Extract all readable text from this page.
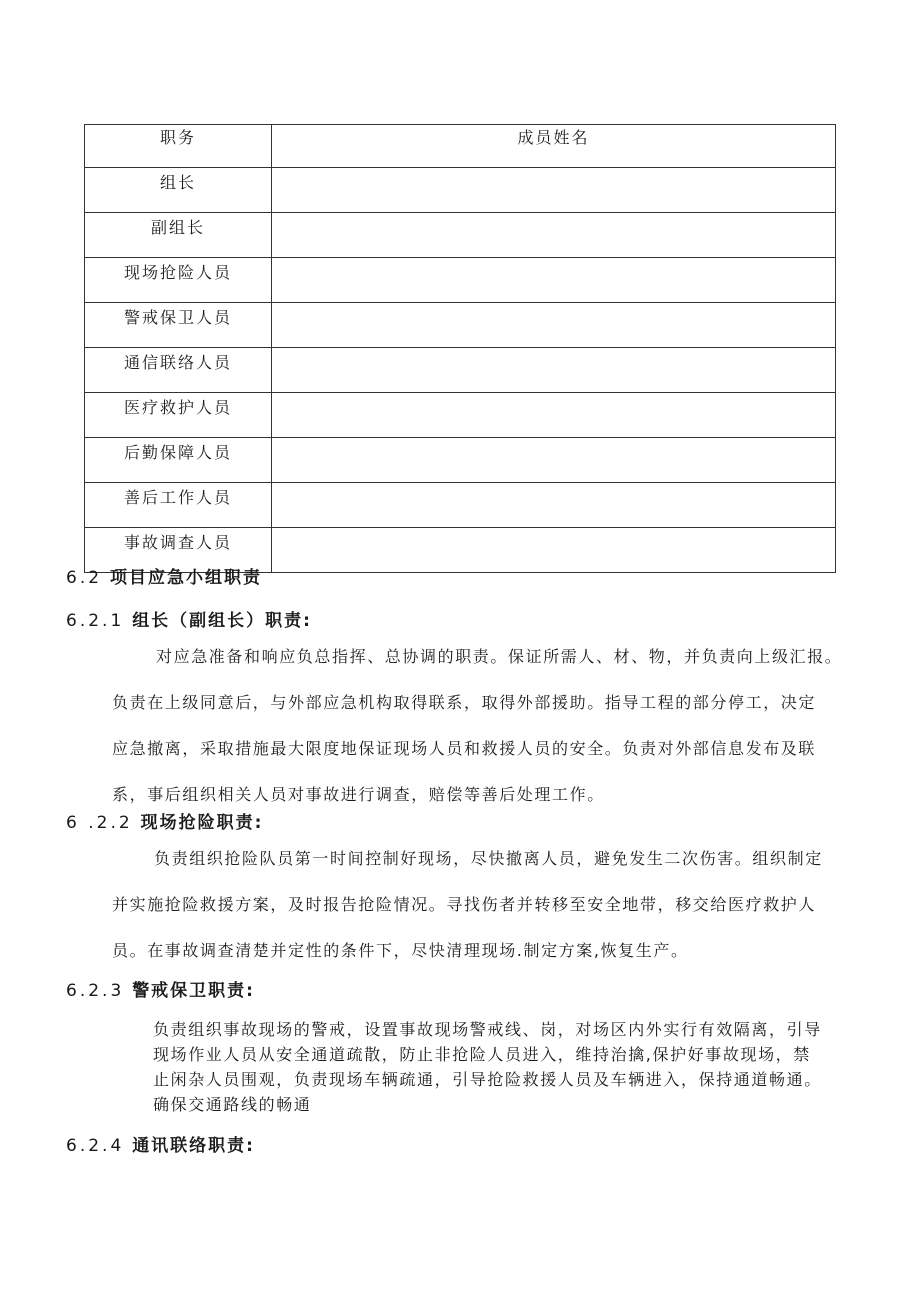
职务	成员姓名
组长	
副组长	
现场抢险人员	
警戒保卫人员	
通信联络人员	
医疗救护人员	
后勤保障人员	
善后工作人员	
事故调查人员	
6.2 项目应急小组职责
6.2.1 组长（副组长）职责:
对应急准备和响应负总指挥、总协调的职责。保证所需人、材、物，并负责向上级汇报。
负责在上级同意后，与外部应急机构取得联系，取得外部援助。指导工程的部分停工，决定
应急撤离，采取措施最大限度地保证现场人员和救援人员的安全。负责对外部信息发布及联
系，事后组织相关人员对事故进行调查，赔偿等善后处理工作。
6 .2.2 现场抢险职责:
负责组织抢险队员第一时间控制好现场，尽快撤离人员，避免发生二次伤害。组织制定
并实施抢险救援方案，及时报告抢险情况。寻找伤者并转移至安全地带，移交给医疗救护人
员。在事故调查清楚并定性的条件下，尽快清理现场.制定方案,恢复生产。
6.2.3 警戒保卫职责:
负责组织事故现场的警戒，设置事故现场警戒线、岗，对场区内外实行有效隔离，引导
现场作业人员从安全通道疏散，防止非抢险人员进入，维持治擒,保护好事故现场，禁
止闲杂人员围观，负责现场车辆疏通，引导抢险救援人员及车辆进入，保持通道畅通。
确保交通路线的畅通
6.2.4 通讯联络职责:
